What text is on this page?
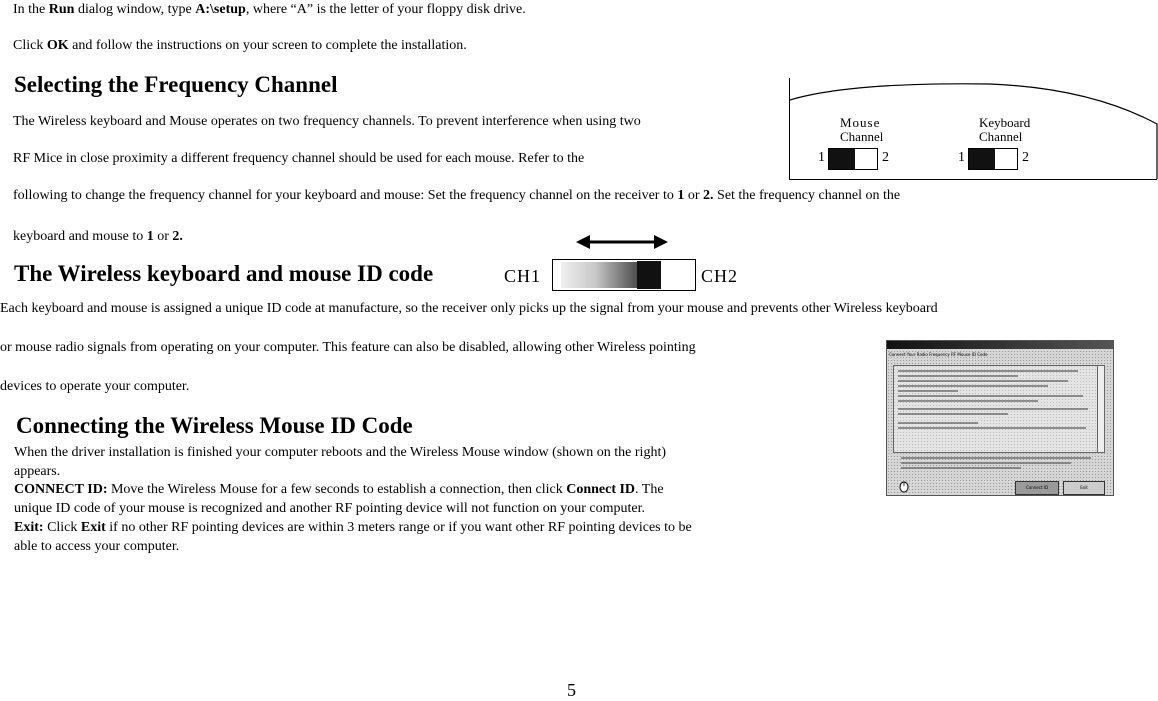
In the Run dialog window, type A:\setup, where “A” is the letter of your floppy disk drive.
Click OK and follow the instructions on your screen to complete the installation.
Selecting the Frequency Channel
The Wireless keyboard and Mouse operates on two frequency channels. To prevent interference when using two
RF Mice in close proximity a different frequency channel should be used for each mouse. Refer to the
following to change the frequency channel for your keyboard and mouse: Set the frequency channel on the receiver to 1 or 2. Set the frequency channel on the
keyboard and mouse to 1 or 2.
Mouse
Channel
Keyboard
Channel
1	2	1	2
The Wireless keyboard and mouse ID code	CH1	CH2
Each keyboard and mouse is assigned a unique ID code at manufacture, so the receiver only picks up the signal from your mouse and prevents other Wireless keyboard
or mouse radio signals from operating on your computer. This feature can also be disabled, allowing other Wireless pointing
devices to operate your computer.
Connecting the Wireless Mouse ID Code
When the driver installation is finished your computer reboots and the Wireless Mouse window (shown on the right)
appears.
CONNECT ID: Move the Wireless Mouse for a few seconds to establish a connection, then click Connect ID. The
unique ID code of your mouse is recognized and another RF pointing device will not function on your computer.
Exit: Click Exit if no other RF pointing devices are within 3 meters range or if you want other RF pointing devices to be
able to access your computer.
Connect Your Radio Frequency RF Mouse ID Code
Connect ID	Exit
5
